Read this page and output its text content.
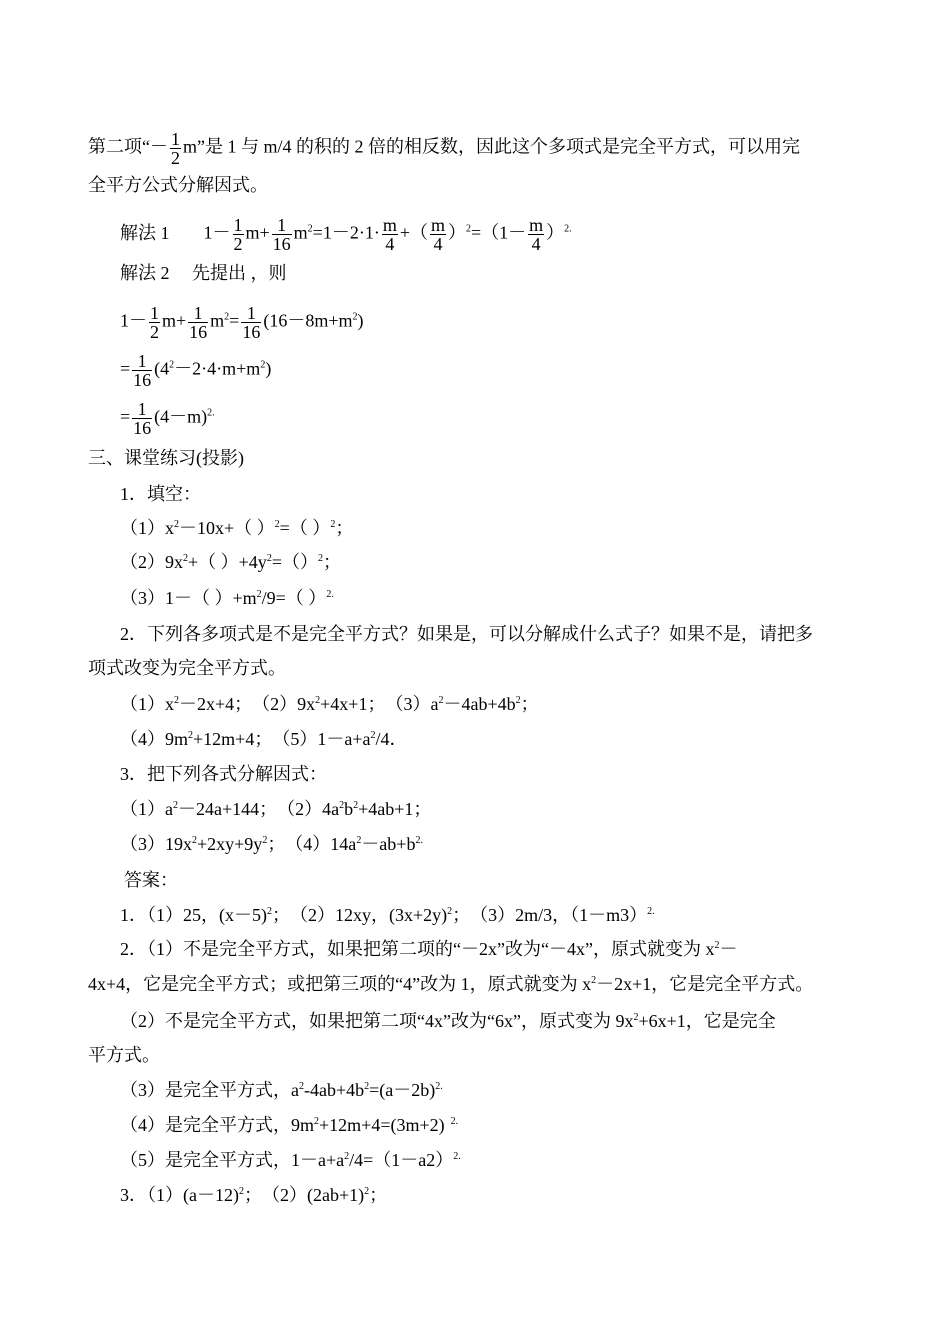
第二项“－ $\frac{1}{2} m$”是 1 与 m/4 的积的 2 倍的相反数，因此这个多项式是完全平方式，可以用完
全平方公式分解因式。
解法 1 $1- \frac{1}{2} m+ \frac{1}{16} m^2=1-2\cdot 1\cdot \frac{m}{4}$ +（ $\frac{m}{4} )^2=(1- \frac{m}{4} )^{2.}$
解法 2　 先提出 ，则
$1- \frac{1}{2} m+ \frac{1}{16} m^2= \frac{1}{16} (16-8m+m^2)$
= $\frac{1}{16} (4^2-2\cdot 4\cdot m+m^2)$
= $\frac{1}{16} (4-m)^{2.}$
三、课堂练习(投影)
1．填空：
$(1)x^2-10x+$（ ）$^2$=（ ）$^2$；
$(2)9x^2+$（ ）$+4y^2=()^2$；
（3）1－（ ）$+m^2/9=$（ ）$^{2.}$
2．下列各多项式是不是完全平方式？如果是，可以分解成什么式子？如果不是，请把多
项式改变为完全平方式。
$(1)x^2-2x+4$；　$(2)9x^2+4x+1$；　$(3)a^2-4ab+4b^2$；
$(4)9m^2+12m+4$；　$(5)1-a+a^2/4$．
3．把下列各式分解因式：
$(1)a^2-24a+144$；　$(2)4a^2b^2+4ab+1$；
$(3)19x^2+2xy+9y^2$；　$(4)14a^2-ab+b^{2.}$
答案：
1．（1）25，$(x-5)^2$；　（2）12xy，$(3x+2y)^2$；　（3）2m/3，$(1-m3)^{2.}$
2．（1）不是完全平方式，如果把第二项的“－2x”改为“－4x”，原式就变为 $x^2-$
4x+4，它是完全平方式；或把第三项的“4”改为 1，原式就变为 $x^2-2x+1$，它是完全平方式。
（2）不是完全平方式，如果把第二项“4x”改为“6x”，原式变为 $9x^2+6x+1$，它是完全
平方式。
（3）是完全平方式，$a^2-4ab+4b^2=(a-2b)^{2.}$
（4）是完全平方式，$9m^2+12m+4=(3m+2)$ $^{2.}$
（5）是完全平方式，$1-a+a^2/4=(1-a2)^{2.}$
3．$(1)(a-12)^2$；　$(2)(2ab+1)^2$；
